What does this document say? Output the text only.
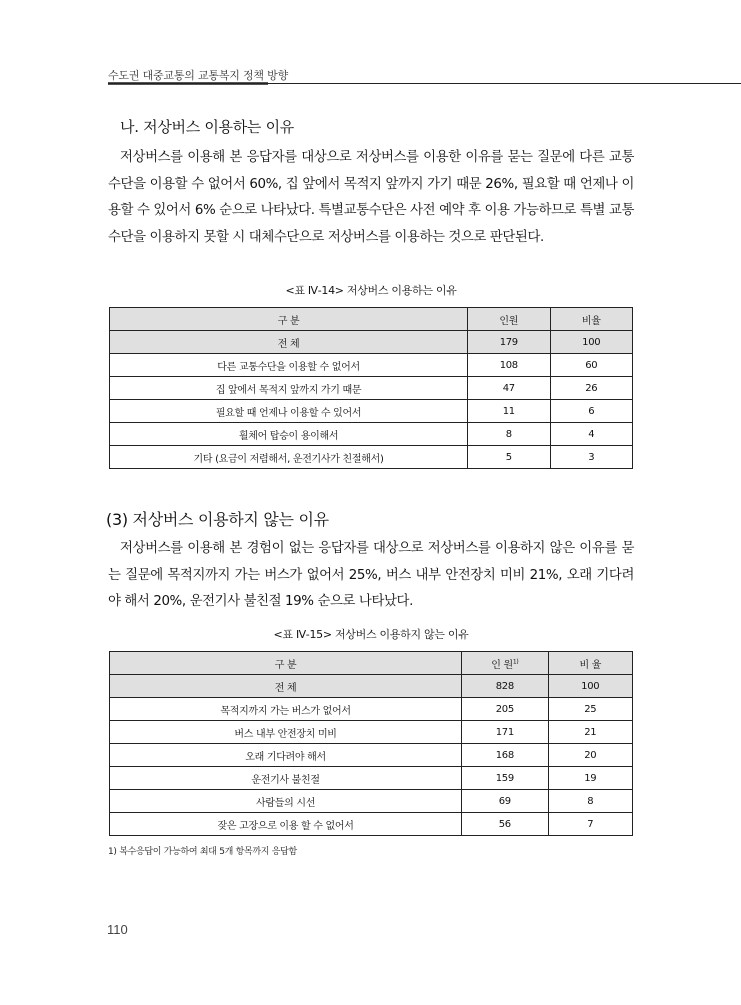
수도권 대중교통의 교통복지 정책 방향
나. 저상버스 이용하는 이유
저상버스를 이용해 본 응답자를 대상으로 저상버스를 이용한 이유를 묻는 질문에 다른 교통수단을 이용할 수 없어서 60%, 집 앞에서 목적지 앞까지 가기 때문 26%, 필요할 때 언제나 이용할 수 있어서 6% 순으로 나타났다. 특별교통수단은 사전 예약 후 이용 가능하므로 특별 교통수단을 이용하지 못할 시 대체수단으로 저상버스를 이용하는 것으로 판단된다.
<표 Ⅳ-14> 저상버스 이용하는 이유
구 분	인원	비율
전 체	179	100
다른 교통수단을 이용할 수 없어서	108	60
집 앞에서 목적지 앞까지 가기 때문	47	26
필요할 때 언제나 이용할 수 있어서	11	6
휠체어 탑승이 용이해서	8	4
기타 (요금이 저렴해서, 운전기사가 친절해서)	5	3
(3) 저상버스 이용하지 않는 이유
저상버스를 이용해 본 경험이 없는 응답자를 대상으로 저상버스를 이용하지 않은 이유를 묻는 질문에 목적지까지 가는 버스가 없어서 25%, 버스 내부 안전장치 미비 21%, 오래 기다려야 해서 20%, 운전기사 불친절 19% 순으로 나타났다.
<표 Ⅳ-15> 저상버스 이용하지 않는 이유
구 분	인 원$^{1)}$	비 율
전 체	828	100
목적지까지 가는 버스가 없어서	205	25
버스 내부 안전장치 미비	171	21
오래 기다려야 해서	168	20
운전기사 불친절	159	19
사람들의 시선	69	8
잦은 고장으로 이용 할 수 없어서	56	7
1) 복수응답이 가능하여 최대 5개 항목까지 응답함
110
